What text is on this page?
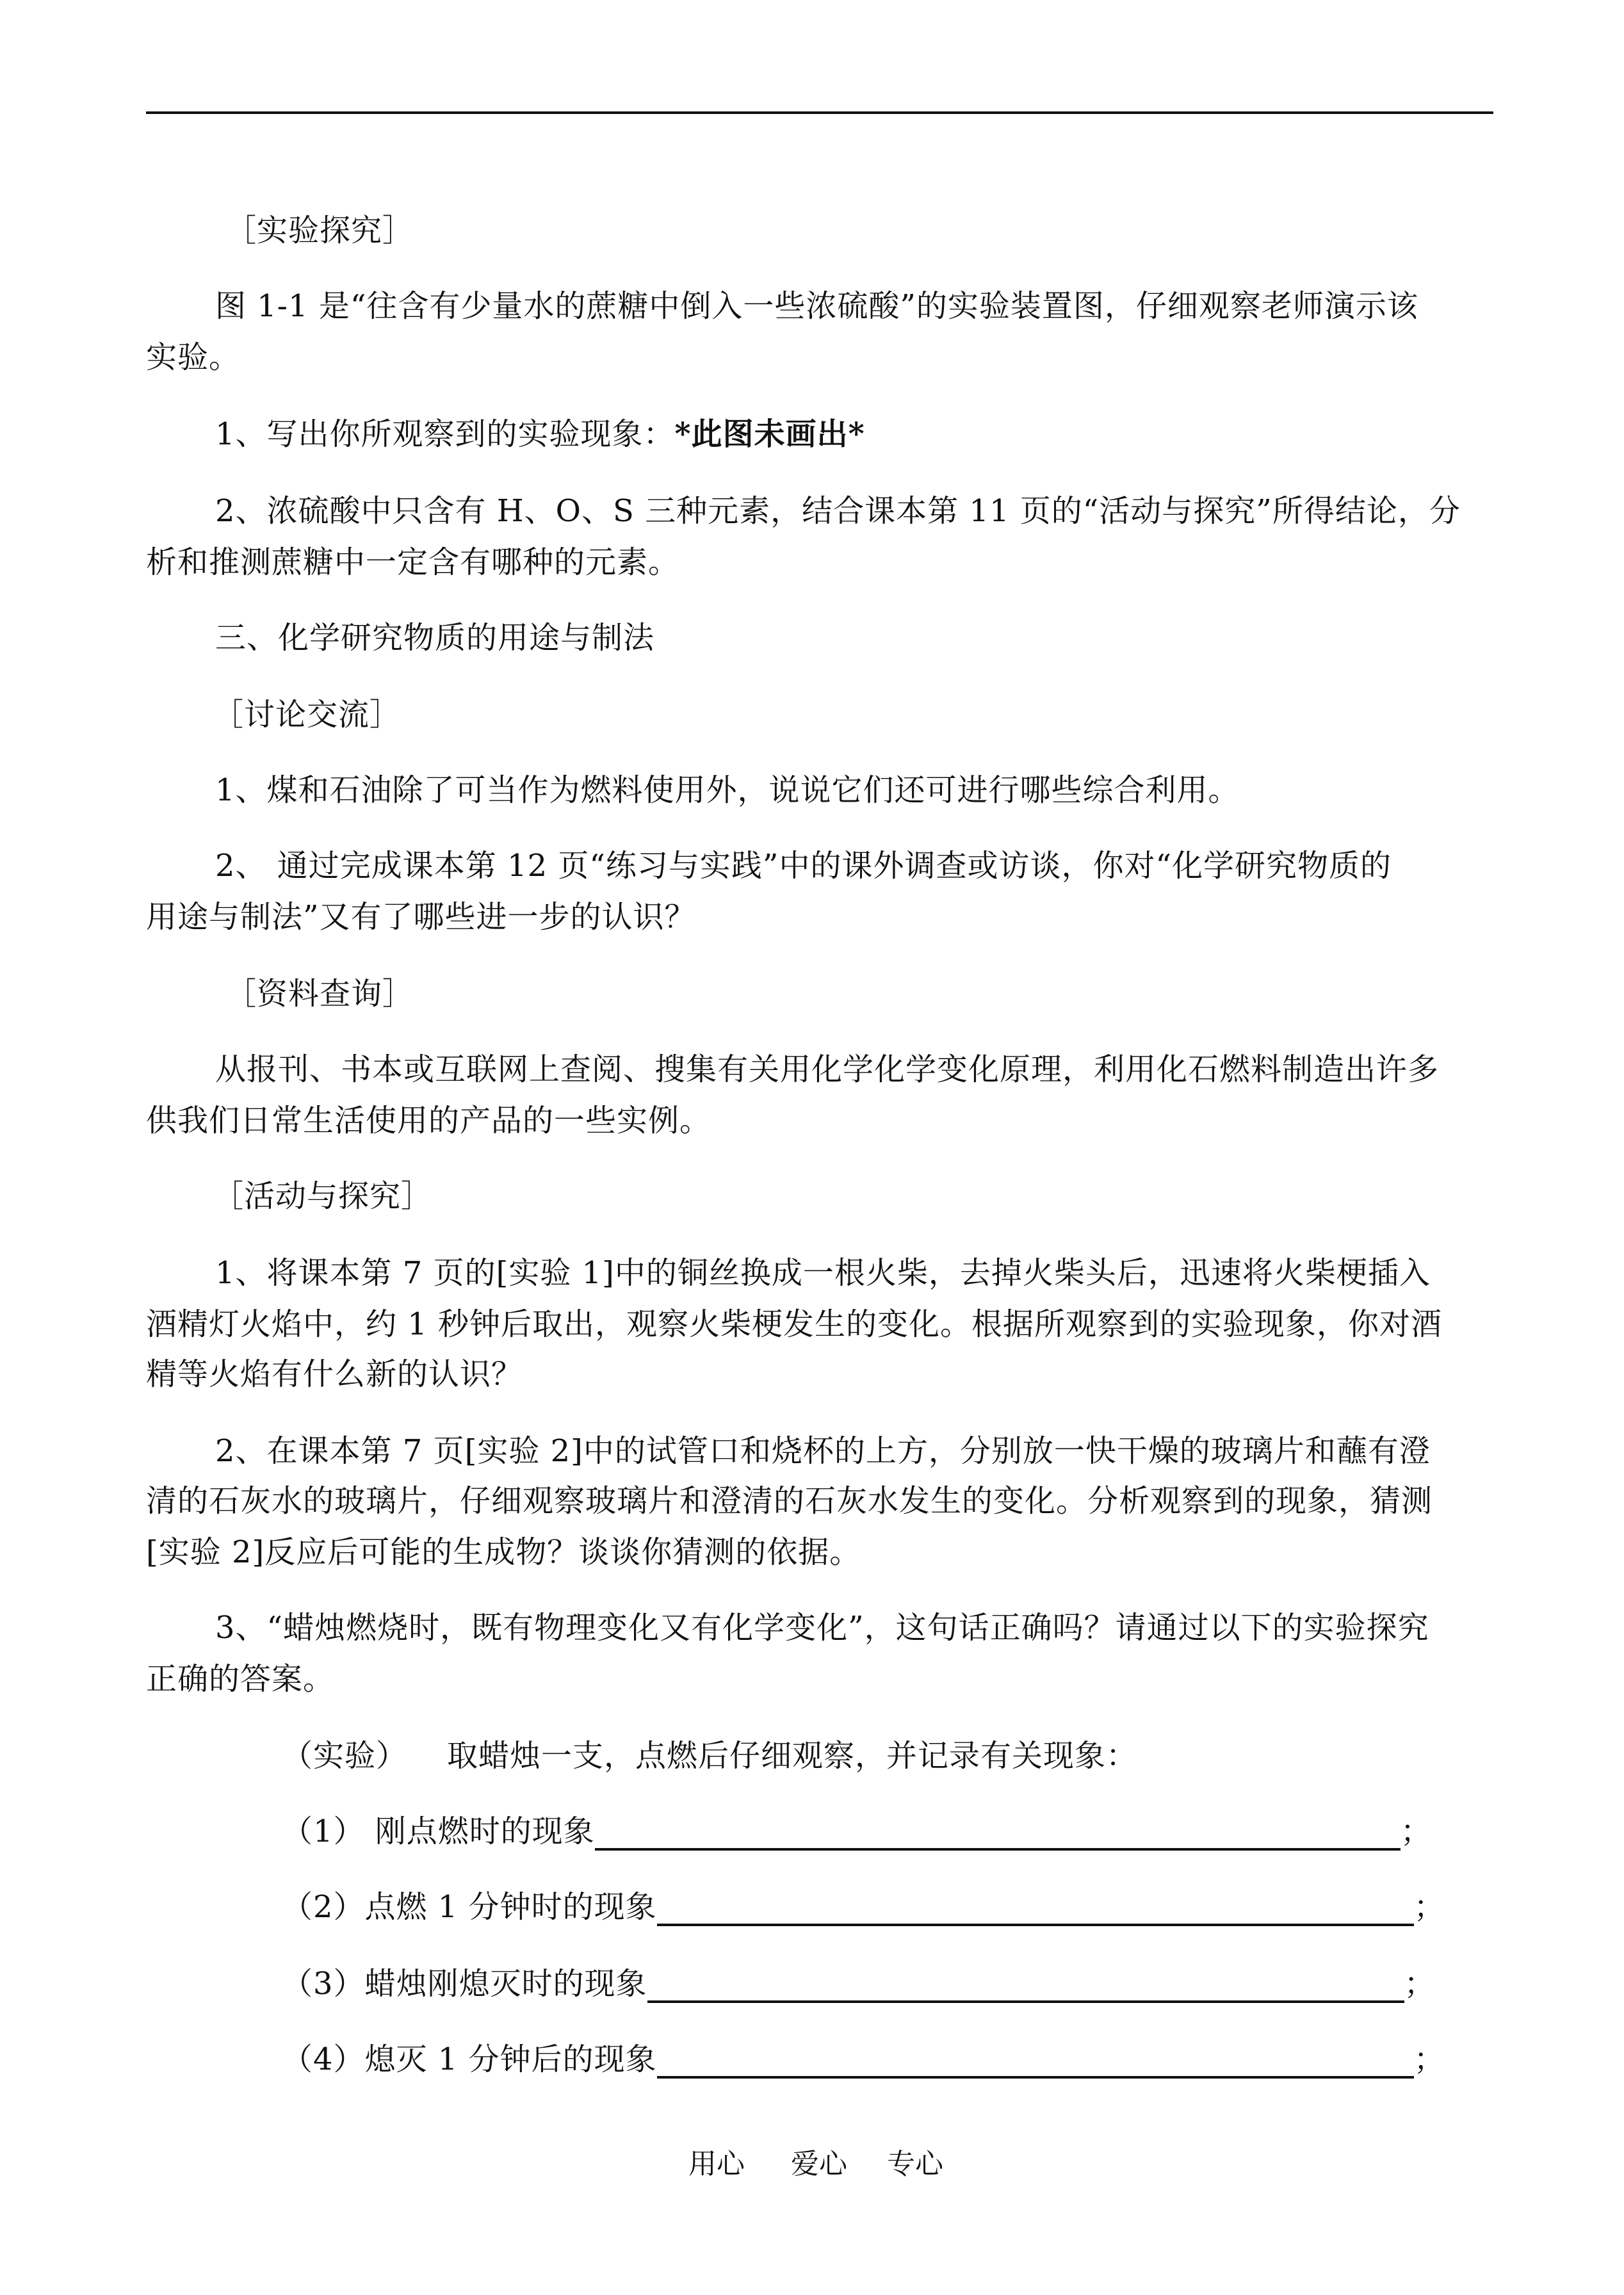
［实验探究］
图 1-1 是“往含有少量水的蔗糖中倒入一些浓硫酸”的实验装置图，仔细观察老师演示该
实验。
1、写出你所观察到的实验现象：*此图未画出*
2、浓硫酸中只含有 H、O、S 三种元素，结合课本第 11 页的“活动与探究”所得结论，分
析和推测蔗糖中一定含有哪种的元素。
三、化学研究物质的用途与制法
［讨论交流］
1、煤和石油除了可当作为燃料使用外，说说它们还可进行哪些综合利用。
2、 通过完成课本第 12 页“练习与实践”中的课外调查或访谈，你对“化学研究物质的
用途与制法”又有了哪些进一步的认识？
［资料查询］
从报刊、书本或互联网上查阅、搜集有关用化学化学变化原理，利用化石燃料制造出许多
供我们日常生活使用的产品的一些实例。
［活动与探究］
1、将课本第 7 页的[实验 1]中的铜丝换成一根火柴，去掉火柴头后，迅速将火柴梗插入
酒精灯火焰中，约 1 秒钟后取出，观察火柴梗发生的变化。根据所观察到的实验现象，你对酒
精等火焰有什么新的认识？
2、在课本第 7 页[实验 2]中的试管口和烧杯的上方，分别放一快干燥的玻璃片和蘸有澄
清的石灰水的玻璃片，仔细观察玻璃片和澄清的石灰水发生的变化。分析观察到的现象，猜测
[实验 2]反应后可能的生成物？谈谈你猜测的依据。
3、“蜡烛燃烧时，既有物理变化又有化学变化”，这句话正确吗？请通过以下的实验探究
正确的答案。
（实验） 取蜡烛一支，点燃后仔细观察，并记录有关现象：
（1） 刚点燃时的现象	；
（2）点燃 1 分钟时的现象	；
（3）蜡烛刚熄灭时的现象	；
（4）熄灭 1 分钟后的现象	；
用心 爱心 专心
